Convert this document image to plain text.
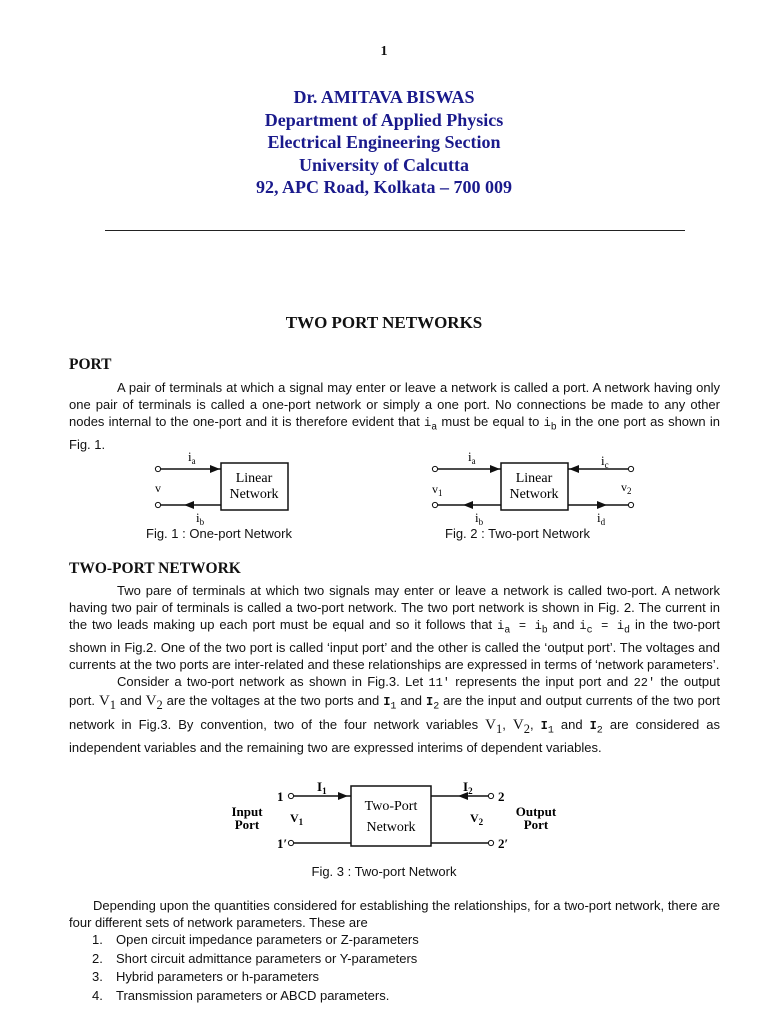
1
Dr. AMITAVA BISWAS
Department of Applied Physics
Electrical Engineering Section
University of Calcutta
92, APC Road, Kolkata – 700 009
TWO PORT NETWORKS
PORT

A pair of terminals at which a signal may enter or leave a network is called a port. A network having only one pair of terminals is called a one-port network or simply a one port. No connections be made to any other nodes internal to the one-port and it is therefore evident that $i_a$ must be equal to $i_b$ in the one port as shown in Fig. 1.

Linear
Network
$i_a$
$i_b$
v
Fig. 1 : One-port Network
Linear
Network
$i_a$
$i_b$
$i_c$
$i_d$
$v_1$	$v_2$
Fig. 2 : Two-port Network
TWO-PORT NETWORK

Two pare of terminals at which two signals may enter or leave a network is called two-port. A network having two pair of terminals is called a two-port network. The two port network is shown in Fig. 2. The current in the two leads making up each port must be equal and so it follows that $i_a = i_b$ and $i_c = i_d$ in the two-port shown in Fig.2. One of the two port is called ‘input port’ and the other is called the ‘output port’. The voltages and currents at the two ports are inter-related and these relationships are expressed in terms of ‘network parameters’.

Consider a two-port network as shown in Fig.3. Let 11′ represents the input port and 22′ the output port. $V_1$ and $V_2$ are the voltages at the two ports and $I_1$ and $I_2$ are the input and output currents of the two port network in Fig.3. By convention, two of the four network variables $V_1$, $V_2$, $I_1$ and $I_2$ are considered as independent variables and the remaining two are expressed interims of dependent variables.

Two-Port
Network
1
1′
2
2′
$I_1$	$I_2$
$V_1$	$V_2$
Input
Port
Output
Port
Fig. 3 : Two-port Network

Depending upon the quantities considered for establishing the relationships, for a two-port network, there are four different sets of network parameters. These are

1. Open circuit impedance parameters or Z-parameters
2. Short circuit admittance parameters or Y-parameters
3. Hybrid parameters or h-parameters
4. Transmission parameters or ABCD parameters.
